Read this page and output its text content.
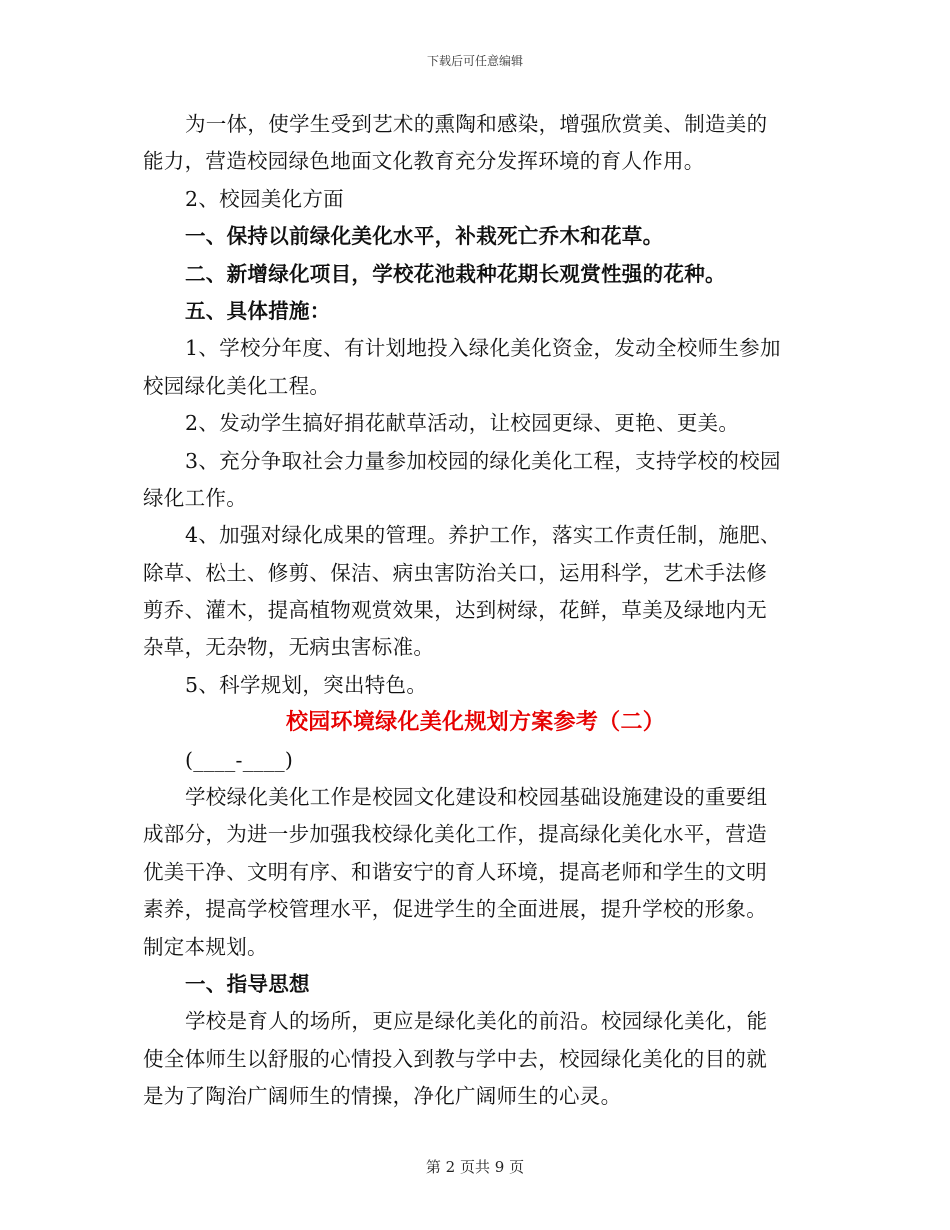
下载后可任意编辑
为一体，使学生受到艺术的熏陶和感染，增强欣赏美、制造美的
能力，营造校园绿色地面文化教育充分发挥环境的育人作用。
2、校园美化方面
一、保持以前绿化美化水平，补栽死亡乔木和花草。
二、新增绿化项目，学校花池栽种花期长观赏性强的花种。
五、具体措施：
1、学校分年度、有计划地投入绿化美化资金，发动全校师生参加
校园绿化美化工程。
2、发动学生搞好捐花献草活动，让校园更绿、更艳、更美。
3、充分争取社会力量参加校园的绿化美化工程，支持学校的校园
绿化工作。
4、加强对绿化成果的管理。养护工作，落实工作责任制，施肥、
除草、松土、修剪、保洁、病虫害防治关口，运用科学，艺术手法修
剪乔、灌木，提高植物观赏效果，达到树绿，花鲜，草美及绿地内无
杂草，无杂物，无病虫害标准。
5、科学规划，突出特色。
校园环境绿化美化规划方案参考（二）
(____-____)
学校绿化美化工作是校园文化建设和校园基础设施建设的重要组
成部分，为进一步加强我校绿化美化工作，提高绿化美化水平，营造
优美干净、文明有序、和谐安宁的育人环境，提高老师和学生的文明
素养，提高学校管理水平，促进学生的全面进展，提升学校的形象。
制定本规划。
一、指导思想
学校是育人的场所，更应是绿化美化的前沿。校园绿化美化，能
使全体师生以舒服的心情投入到教与学中去，校园绿化美化的目的就
是为了陶治广阔师生的情操，净化广阔师生的心灵。
第 2 页共 9 页
